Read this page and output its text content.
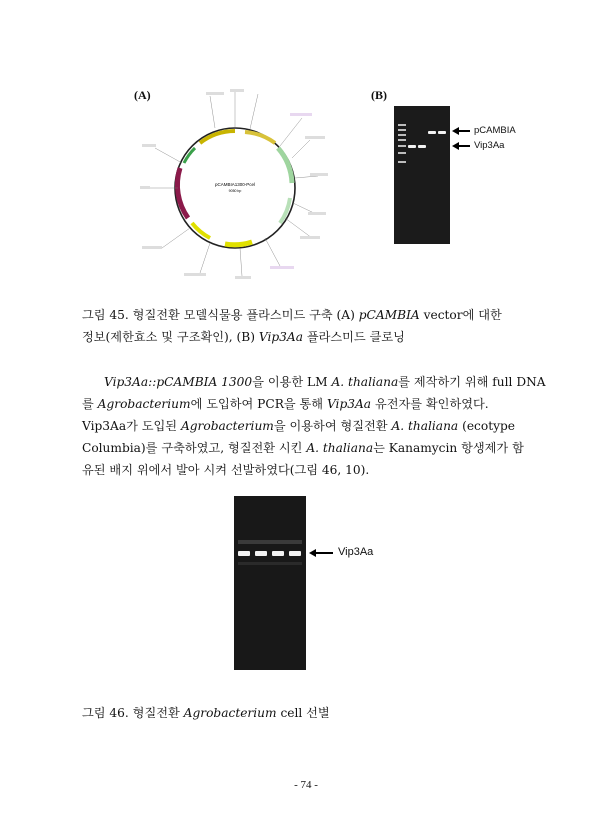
(A)	(B)
pCAMBIA1300-Pcel
9050 bp
pCAMBIA
Vip3Aa
그림 45. 형질전환 모델식물용 플라스미드 구축 (A) pCAMBIA vector에 대한
정보(제한효소 및 구조확인), (B) Vip3Aa 플라스미드 클로닝

Vip3Aa::pCAMBIA 1300을 이용한 LM A. thaliana를 제작하기 위해 full DNA

를 Agrobacterium에 도입하여 PCR을 통해 Vip3Aa 유전자를 확인하였다.

Vip3Aa가 도입된 Agrobacterium을 이용하여 형질전환 A. thaliana (ecotype

Columbia)를 구축하였고, 형질전환 시킨 A. thaliana는 Kanamycin 항생제가 함

유된 배지 위에서 발아 시켜 선발하였다(그림 46, 10).

Vip3Aa
그림 46. 형질전환 Agrobacterium cell 선별
- 74 -
